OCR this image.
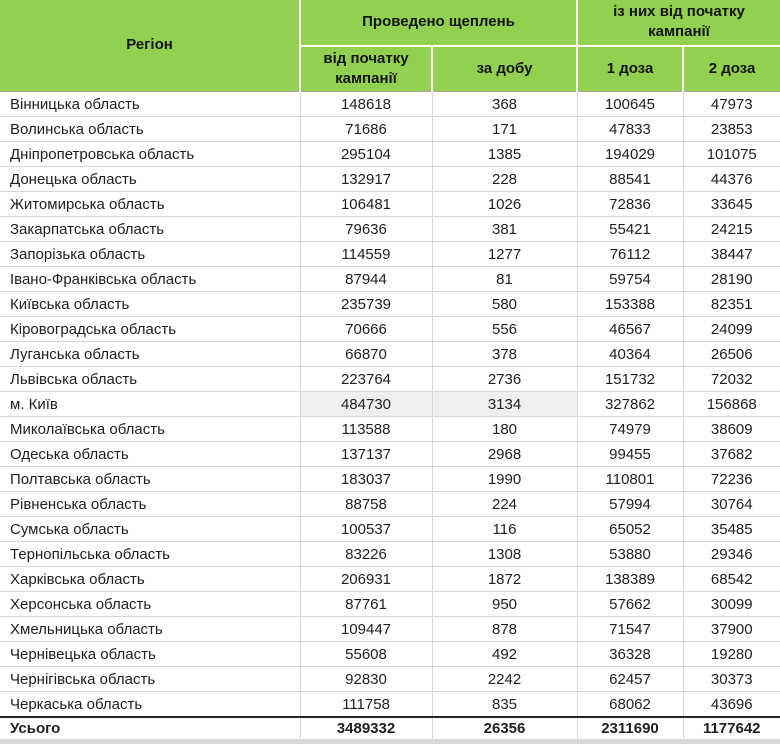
Регіон	Проведено щеплень		із них від початку кампанії	
	від початку кампанії	за добу	1 доза	2 доза
Вінницька область	148618	368	100645	47973
Волинська область	71686	171	47833	23853
Дніпропетровська область	295104	1385	194029	101075
Донецька область	132917	228	88541	44376
Житомирська область	106481	1026	72836	33645
Закарпатська область	79636	381	55421	24215
Запорізька область	114559	1277	76112	38447
Івано-Франківська область	87944	81	59754	28190
Київська область	235739	580	153388	82351
Кіровоградська область	70666	556	46567	24099
Луганська область	66870	378	40364	26506
Львівська область	223764	2736	151732	72032
м. Київ	484730	3134	327862	156868
Миколаївська область	113588	180	74979	38609
Одеська область	137137	2968	99455	37682
Полтавська область	183037	1990	110801	72236
Рівненська область	88758	224	57994	30764
Сумська область	100537	116	65052	35485
Тернопільська область	83226	1308	53880	29346
Харківська область	206931	1872	138389	68542
Херсонська область	87761	950	57662	30099
Хмельницька область	109447	878	71547	37900
Чернівецька область	55608	492	36328	19280
Чернігівська область	92830	2242	62457	30373
Черкаська область	111758	835	68062	43696
Усього	3489332	26356	2311690	1177642
